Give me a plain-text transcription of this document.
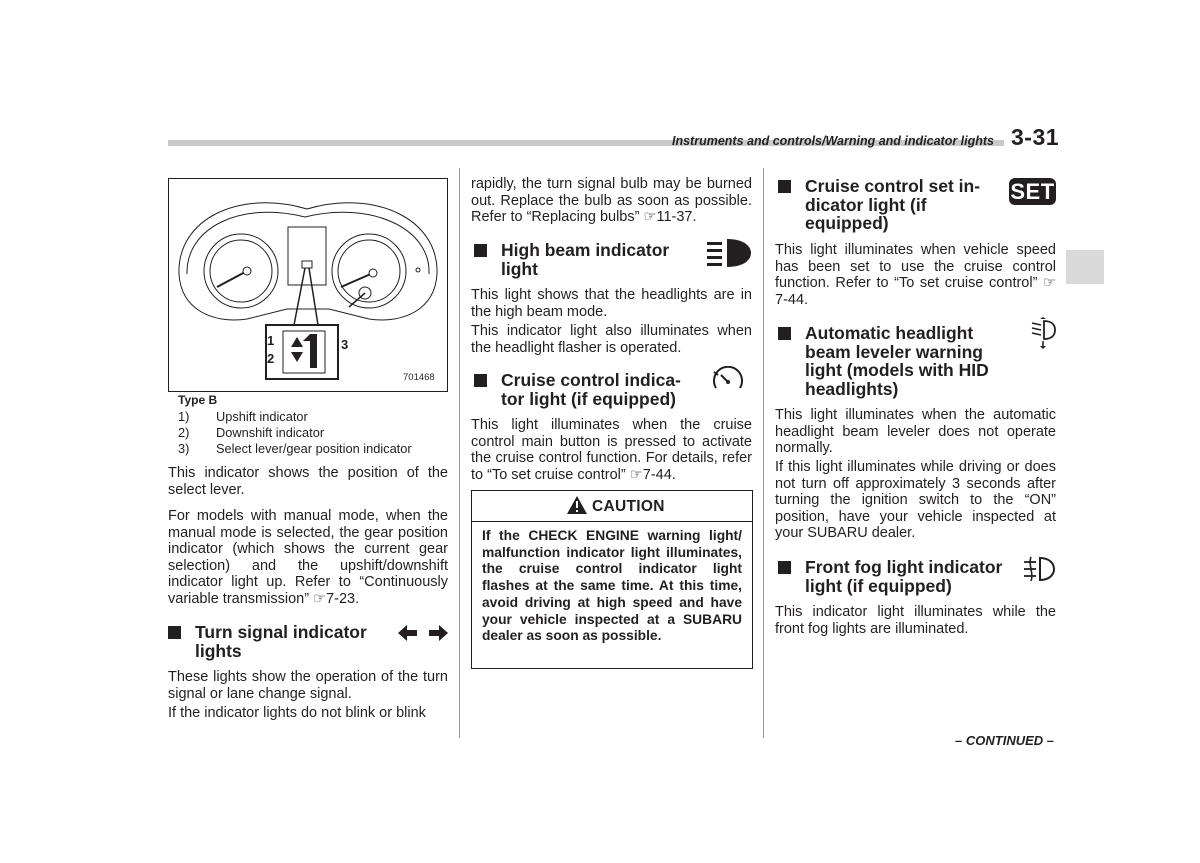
Instruments and controls/Warning and indicator lights 3-31
1
2
3
701468
Type B
1) Upshift indicator
2) Downshift indicator
3) Select lever/gear position indicator

This indicator shows the position of the select lever.

For models with manual mode, when the manual mode is selected, the gear position indicator (which shows the current gear selection) and the upshift/downshift indicator light up. Refer to “Continuously variable transmission” ☞7-23.

Turn signal indicator
lights

These lights show the operation of the turn signal or lane change signal.

If the indicator lights do not blink or blink

rapidly, the turn signal bulb may be burned out. Replace the bulb as soon as possible. Refer to “Replacing bulbs” ☞11-37.

High beam indicator
light

This light shows that the headlights are in the high beam mode.

This indicator light also illuminates when the headlight flasher is operated.

Cruise control indica-
tor light (if equipped)

This light illuminates when the cruise control main button is pressed to activate the cruise control function. For details, refer to “To set cruise control” ☞7-44.

CAUTION

If the CHECK ENGINE warning light/ malfunction indicator light illuminates, the cruise control indicator light flashes at the same time. At this time, avoid driving at high speed and have your vehicle inspected at a SUBARU dealer as soon as possible.

Cruise control set in-
dicator light (if
equipped)
SET

This light illuminates when vehicle speed has been set to use the cruise control function. Refer to “To set cruise control” ☞7-44.

Automatic headlight
beam leveler warning
light (models with HID
headlights)

This light illuminates when the automatic headlight beam leveler does not operate normally.

If this light illuminates while driving or does not turn off approximately 3 seconds after turning the ignition switch to the “ON” position, have your vehicle inspected at your SUBARU dealer.

Front fog light indicator
light (if equipped)

This indicator light illuminates while the front fog lights are illuminated.

– CONTINUED –
